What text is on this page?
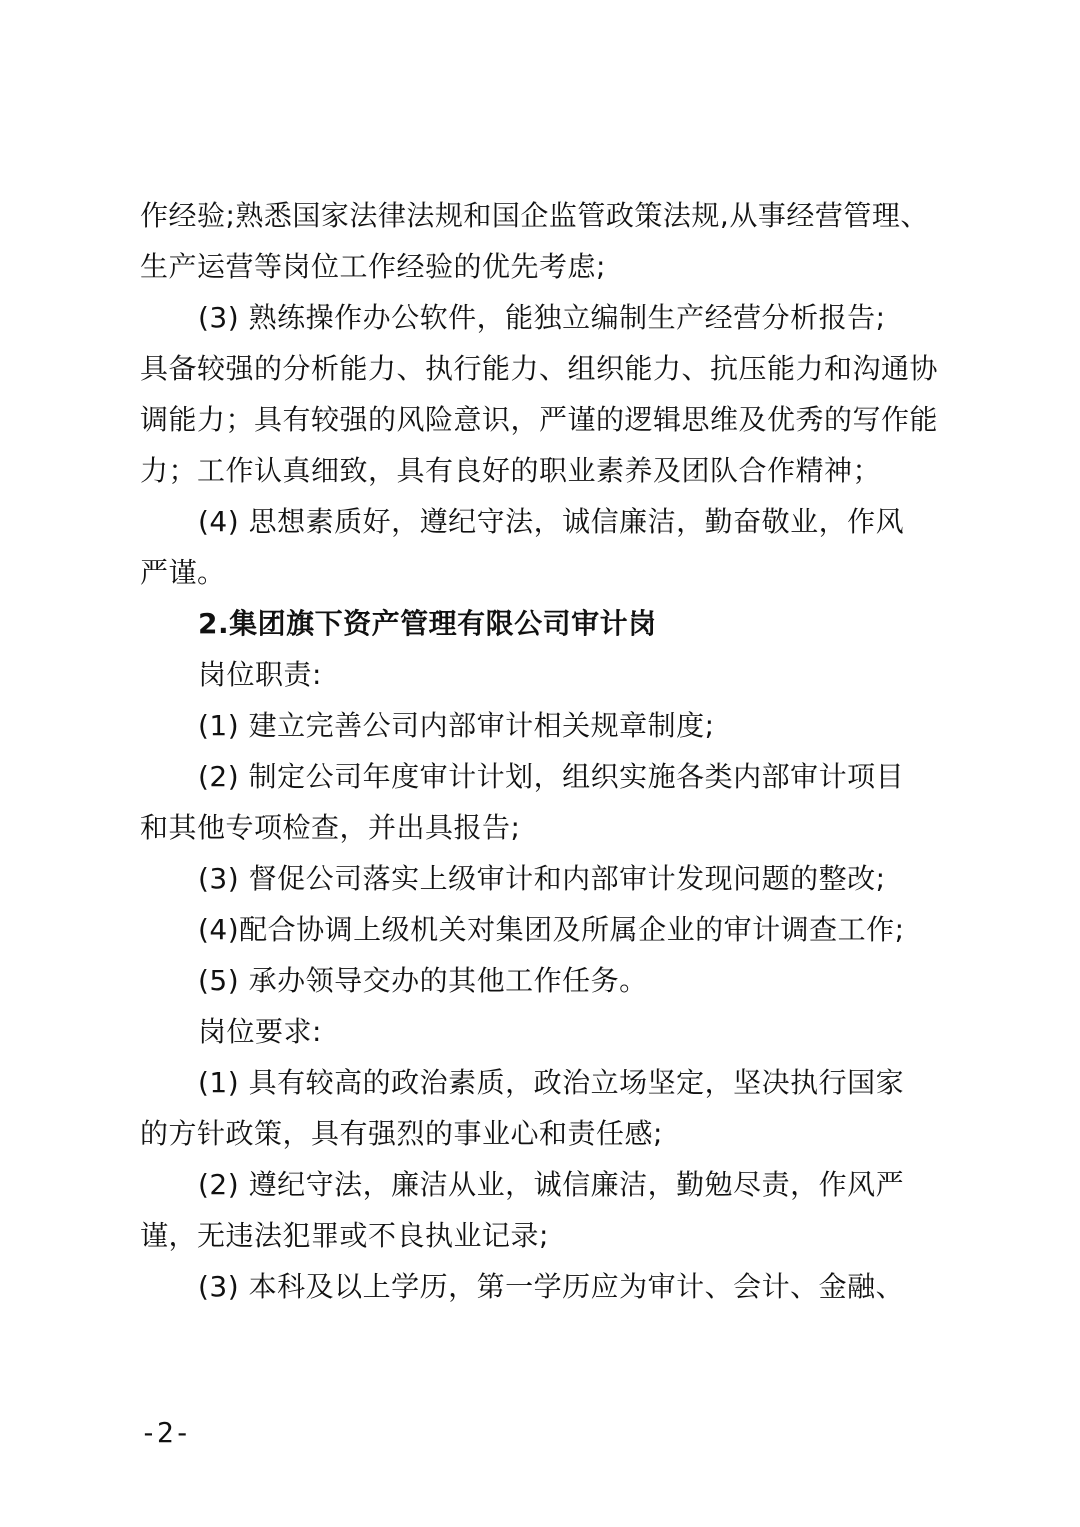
作经验;熟悉国家法律法规和国企监管政策法规,从事经营管理、
生产运营等岗位工作经验的优先考虑;
(3) 熟练操作办公软件，能独立编制生产经营分析报告;
具备较强的分析能力、执行能力、组织能力、抗压能力和沟通协
调能力；具有较强的风险意识，严谨的逻辑思维及优秀的写作能
力；工作认真细致，具有良好的职业素养及团队合作精神；
(4) 思想素质好，遵纪守法，诚信廉洁，勤奋敬业，作风
严谨。
2.集团旗下资产管理有限公司审计岗
岗位职责:
(1) 建立完善公司内部审计相关规章制度;
(2) 制定公司年度审计计划，组织实施各类内部审计项目
和其他专项检查，并出具报告;
(3) 督促公司落实上级审计和内部审计发现问题的整改;
(4)配合协调上级机关对集团及所属企业的审计调查工作;
(5) 承办领导交办的其他工作任务。
岗位要求:
(1) 具有较高的政治素质，政治立场坚定，坚决执行国家
的方针政策，具有强烈的事业心和责任感;
(2) 遵纪守法，廉洁从业，诚信廉洁，勤勉尽责，作风严
谨，无违法犯罪或不良执业记录;
(3) 本科及以上学历，第一学历应为审计、会计、金融、
-2-
